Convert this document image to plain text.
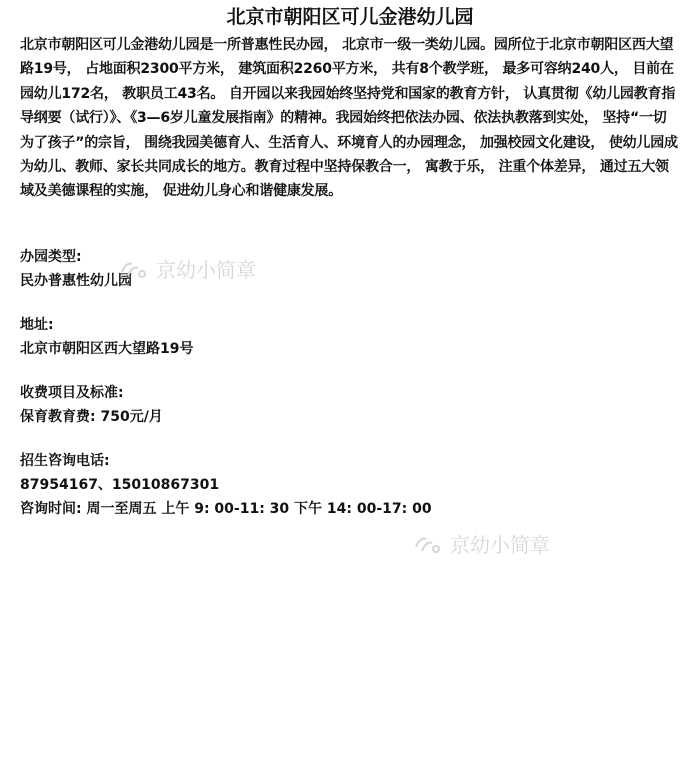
北京市朝阳区可儿金港幼儿园

北京市朝阳区可儿金港幼儿园是一所普惠性民办园， 北京市一级一类幼儿园。园所位于北京市朝阳区西大望路19号， 占地面积2300平方米， 建筑面积2260平方米， 共有8个教学班， 最多可容纳240人， 目前在园幼儿172名， 教职员工43名。 自开园以来我园始终坚持党和国家的教育方针， 认真贯彻《幼儿园教育指导纲要（试行）》、《3—6岁儿童发展指南》的精神。我园始终把依法办园、依法执教落到实处， 坚持“一切为了孩子”的宗旨， 围绕我园美德育人、生活育人、环境育人的办园理念， 加强校园文化建设， 使幼儿园成为幼儿、教师、家长共同成长的地方。教育过程中坚持保教合一， 寓教于乐， 注重个体差异， 通过五大领域及美德课程的实施， 促进幼儿身心和谐健康发展。

办园类型:
民办普惠性幼儿园
地址:
北京市朝阳区西大望路19号
收费项目及标准:
保育教育费: 750元/月
招生咨询电话:
87954167、15010867301
咨询时间: 周一至周五 上午 9: 00-11: 30 下午 14: 00-17: 00
京幼小简章
京幼小简章
